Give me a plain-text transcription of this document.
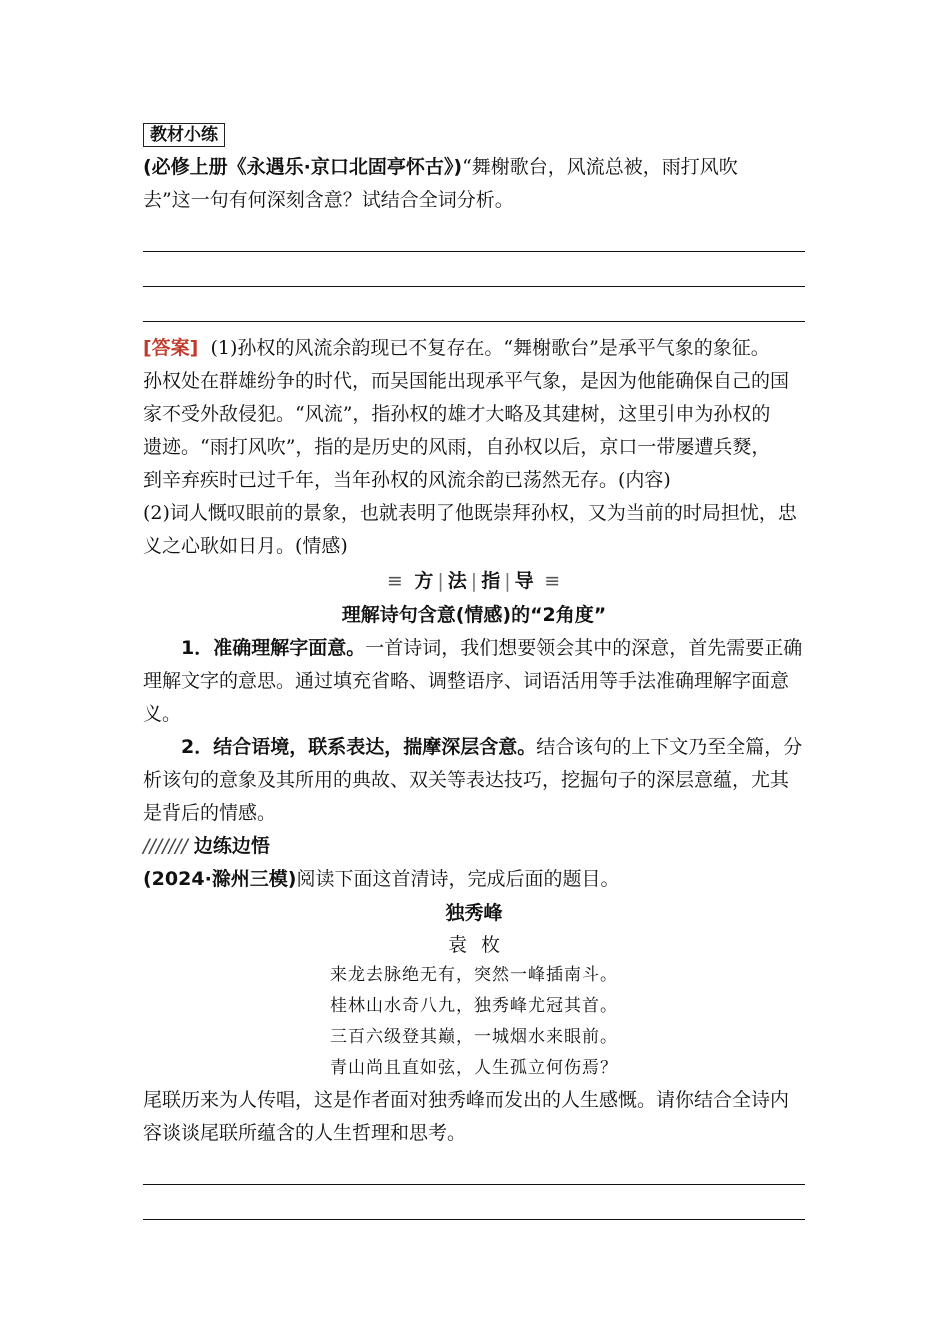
教材小练
(必修上册《永遇乐·京口北固亭怀古》)“舞榭歌台，风流总被，雨打风吹
去”这一句有何深刻含意？试结合全词分析。
[答案] (1)孙权的风流余韵现已不复存在。“舞榭歌台”是承平气象的象征。
孙权处在群雄纷争的时代，而吴国能出现承平气象，是因为他能确保自己的国
家不受外敌侵犯。“风流”，指孙权的雄才大略及其建树，这里引申为孙权的
遗迹。“雨打风吹”，指的是历史的风雨，自孙权以后，京口一带屡遭兵燹，
到辛弃疾时已过千年，当年孙权的风流余韵已荡然无存。(内容)
(2)词人慨叹眼前的景象，也就表明了他既崇拜孙权，又为当前的时局担忧，忠
义之心耿如日月。(情感)
≡ 方 | 法 | 指 | 导 ≡
理解诗句含意(情感)的“2角度”
1．准确理解字面意。一首诗词，我们想要领会其中的深意，首先需要正确
理解文字的意思。通过填充省略、调整语序、词语活用等手法准确理解字面意
义。
2．结合语境，联系表达，揣摩深层含意。结合该句的上下文乃至全篇，分
析该句的意象及其所用的典故、双关等表达技巧，挖掘句子的深层意蕴，尤其
是背后的情感。
/////// 边练边悟
(2024·滁州三模)阅读下面这首清诗，完成后面的题目。
独秀峰
袁枚
来龙去脉绝无有，突然一峰插南斗。
桂林山水奇八九，独秀峰尤冠其首。
三百六级登其巅，一城烟水来眼前。
青山尚且直如弦，人生孤立何伤焉？
尾联历来为人传唱，这是作者面对独秀峰而发出的人生感慨。请你结合全诗内
容谈谈尾联所蕴含的人生哲理和思考。
